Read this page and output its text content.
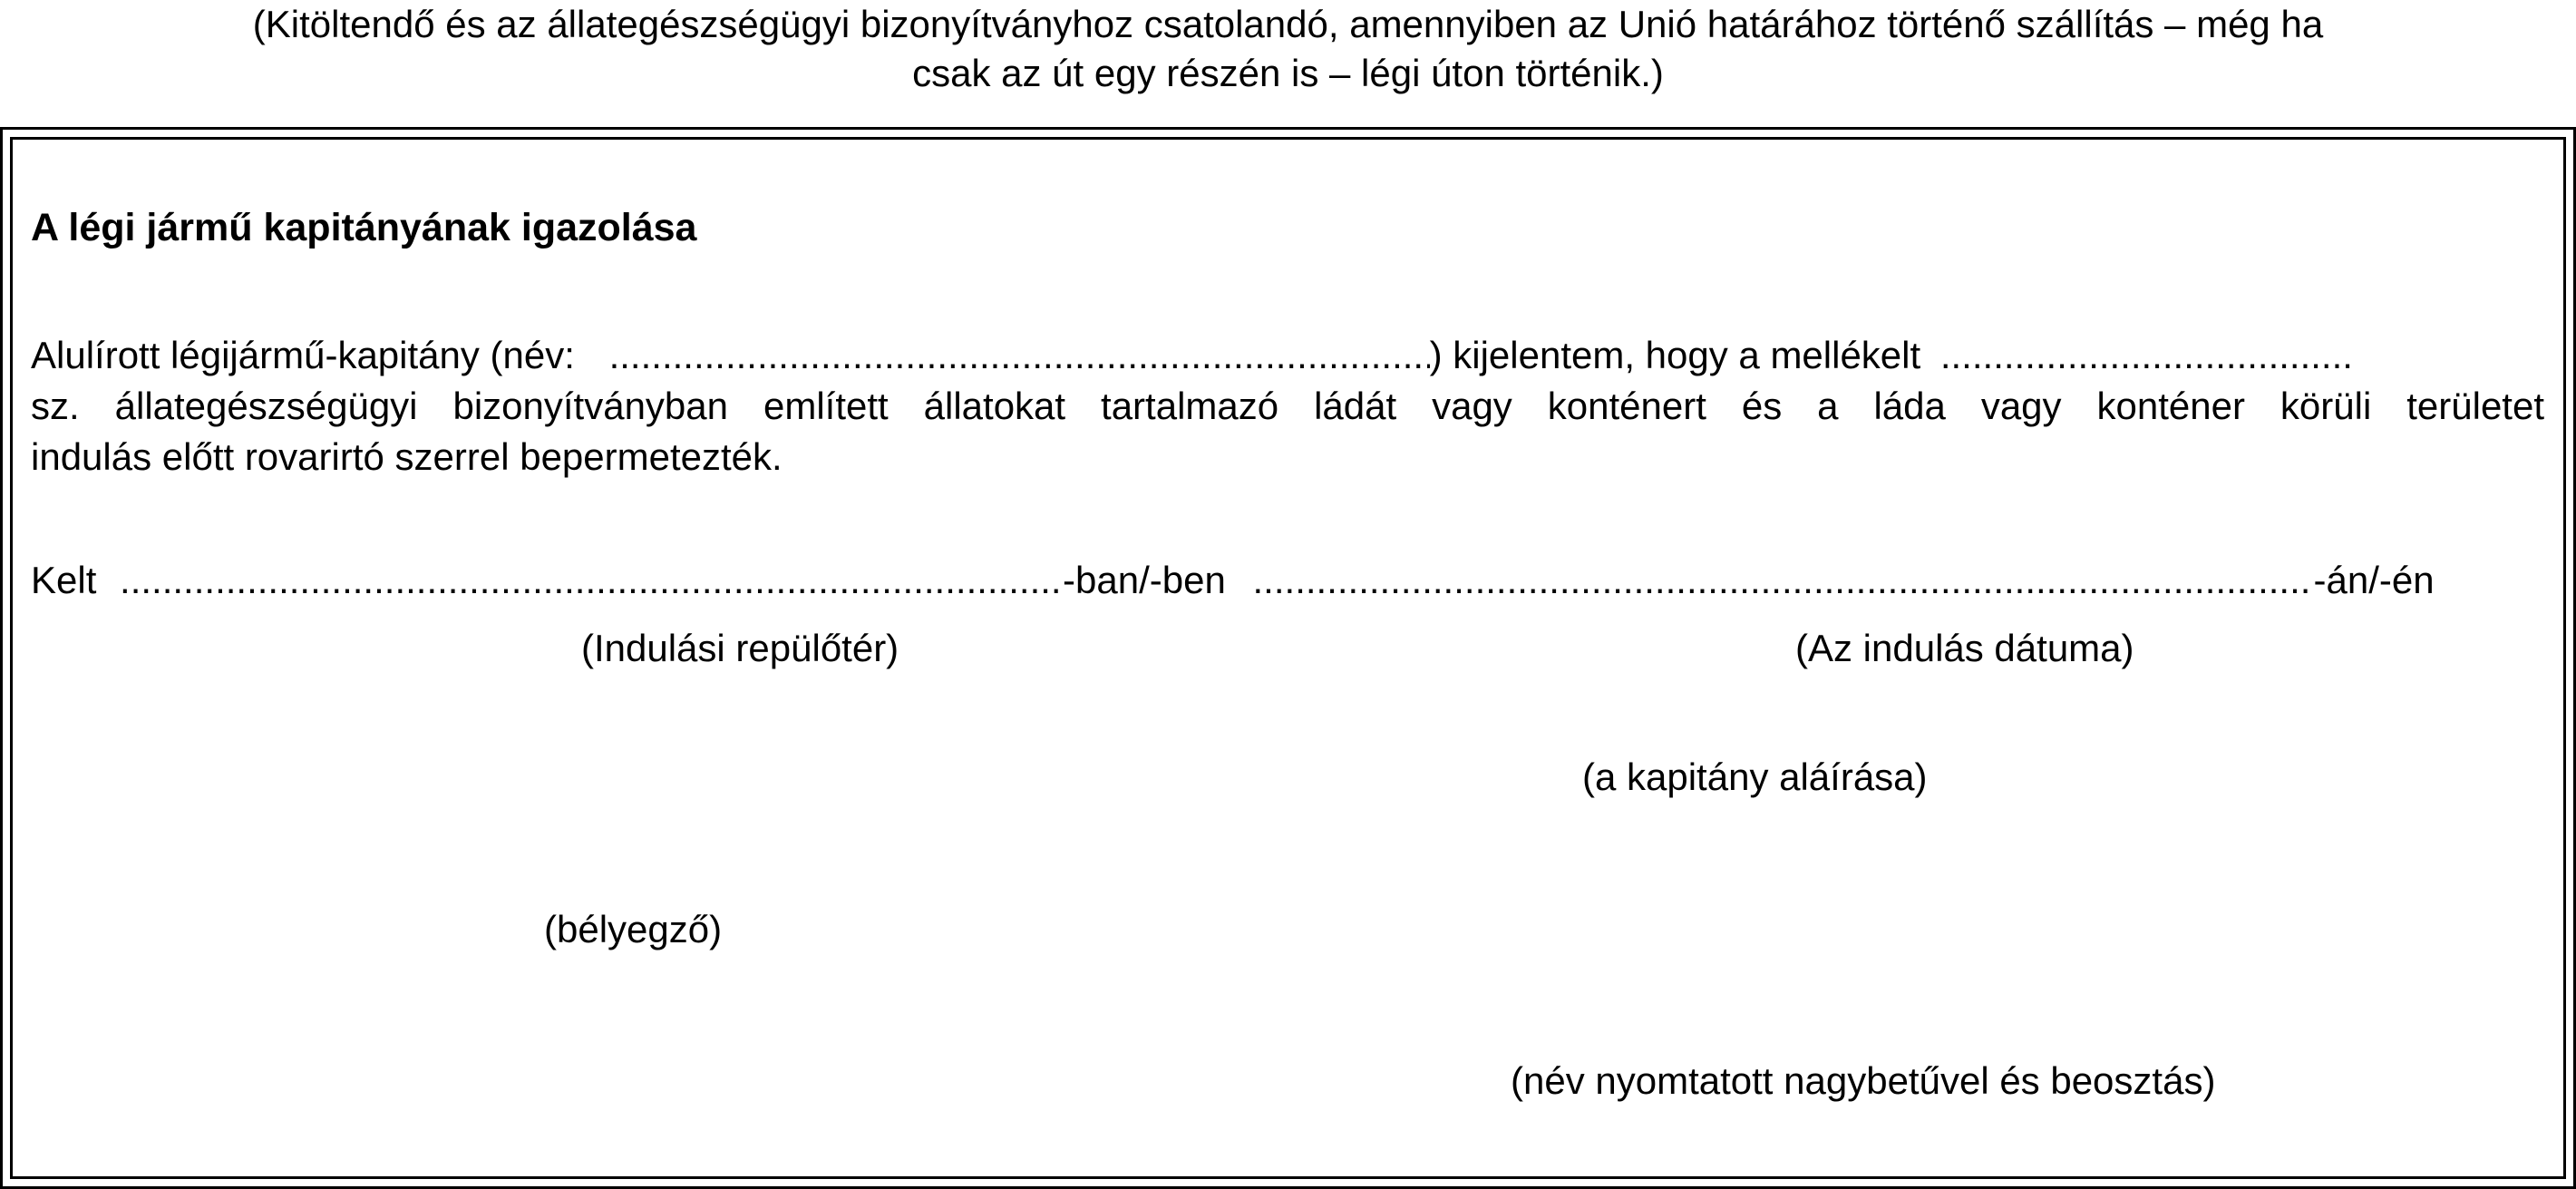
(Kitöltendő és az állategészségügyi bizonyítványhoz csatolandó, amennyiben az Unió határához történő szállítás – még ha
csak az út egy részén is – légi úton történik.)

A légi jármű kapitányának igazolása

Alulírott légijármű-kapitány (név: .....	) kijelentem, hogy a mellékelt .....
sz. állategészségügyi bizonyítványban említett állatokat tartalmazó ládát vagy konténert és a láda vagy konténer körüli területet

indulás előtt rovarirtó szerrel bepermetezték.

Kelt .....	-ban/-ben .....	-án/-én

(Indulási repülőtér)	(Az indulás dátuma)

(a kapitány aláírása)

(bélyegző)

(név nyomtatott nagybetűvel és beosztás)
